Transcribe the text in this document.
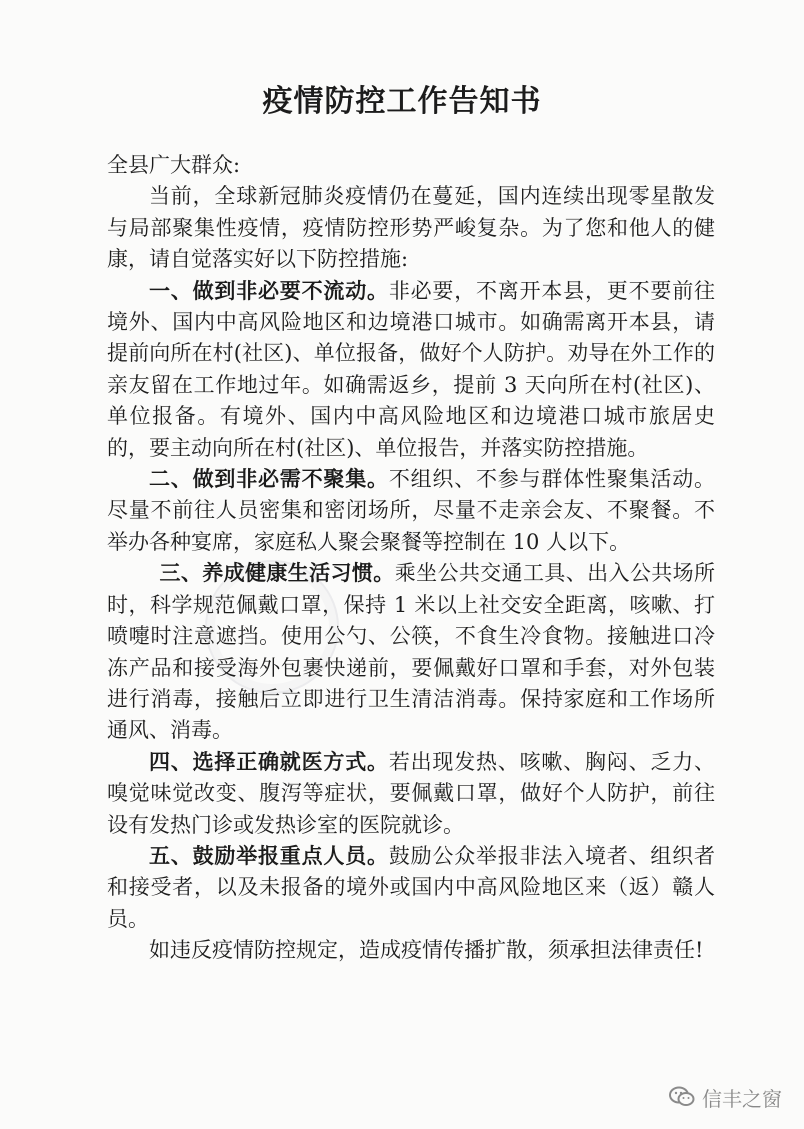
疫情防控工作告知书

全县广大群众:

当前，全球新冠肺炎疫情仍在蔓延，国内连续出现零星散发与局部聚集性疫情，疫情防控形势严峻复杂。为了您和他人的健康，请自觉落实好以下防控措施:

一、做到非必要不流动。非必要，不离开本县，更不要前往境外、国内中高风险地区和边境港口城市。如确需离开本县，请提前向所在村(社区)、单位报备，做好个人防护。劝导在外工作的亲友留在工作地过年。如确需返乡，提前 3 天向所在村(社区)、单位报备。有境外、国内中高风险地区和边境港口城市旅居史的，要主动向所在村(社区)、单位报告，并落实防控措施。

二、做到非必需不聚集。不组织、不参与群体性聚集活动。尽量不前往人员密集和密闭场所，尽量不走亲会友、不聚餐。不举办各种宴席，家庭私人聚会聚餐等控制在 10 人以下。

三、养成健康生活习惯。乘坐公共交通工具、出入公共场所时，科学规范佩戴口罩，保持 1 米以上社交安全距离，咳嗽、打喷嚏时注意遮挡。使用公勺、公筷，不食生冷食物。接触进口冷冻产品和接受海外包裹快递前，要佩戴好口罩和手套，对外包装进行消毒，接触后立即进行卫生清洁消毒。保持家庭和工作场所通风、消毒。

四、选择正确就医方式。若出现发热、咳嗽、胸闷、乏力、嗅觉味觉改变、腹泻等症状，要佩戴口罩，做好个人防护，前往设有发热门诊或发热诊室的医院就诊。

五、鼓励举报重点人员。鼓励公众举报非法入境者、组织者和接受者，以及未报备的境外或国内中高风险地区来（返）赣人员。

如违反疫情防控规定，造成疫情传播扩散，须承担法律责任!

信丰之窗
